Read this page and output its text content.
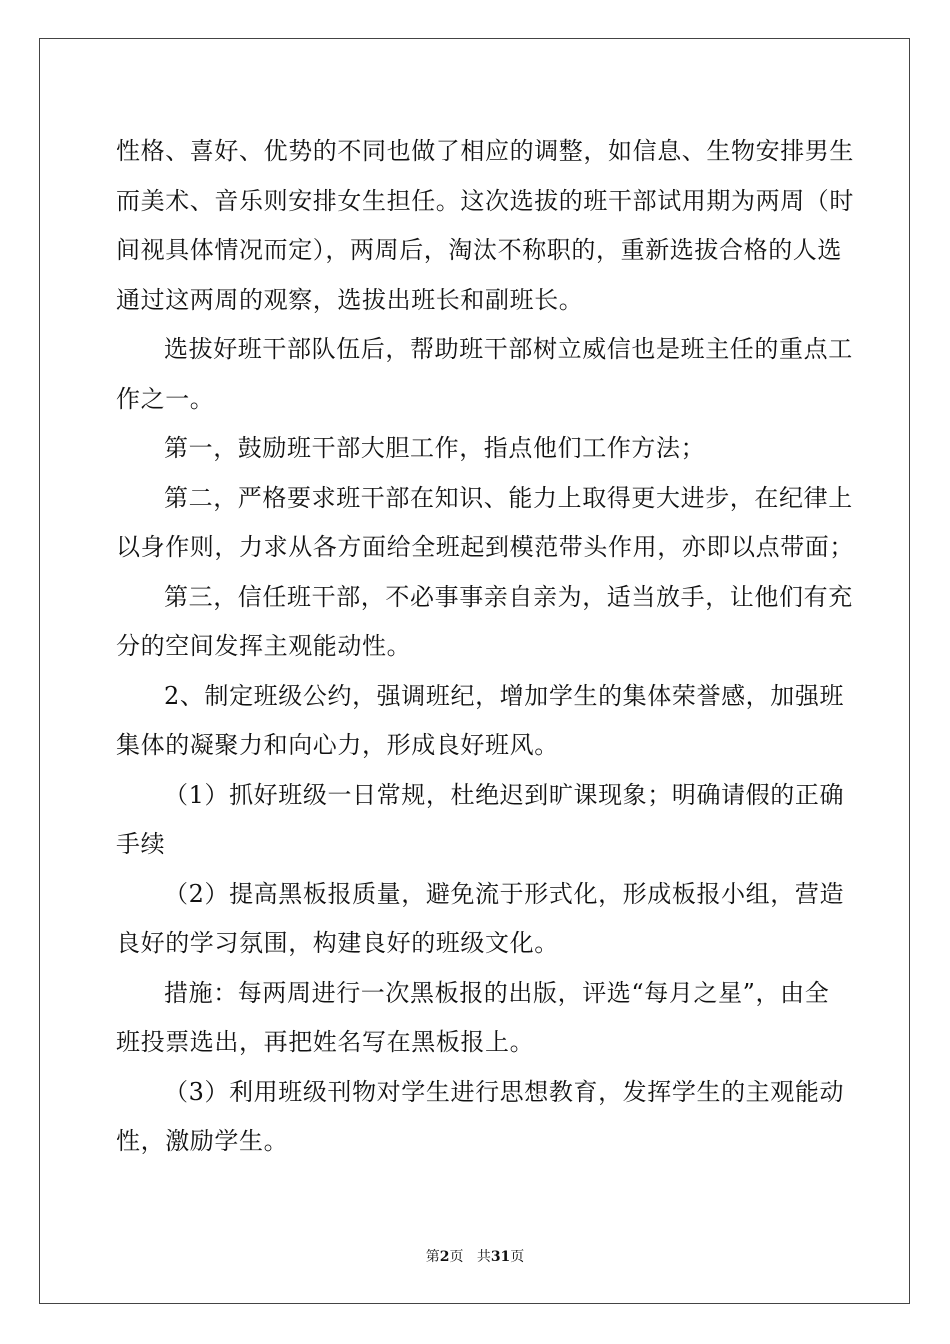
性格、喜好、优势的不同也做了相应的调整，如信息、生物安排男生
而美术、音乐则安排女生担任。这次选拔的班干部试用期为两周（时
间视具体情况而定），两周后，淘汰不称职的，重新选拔合格的人选
通过这两周的观察，选拔出班长和副班长。
选拔好班干部队伍后，帮助班干部树立威信也是班主任的重点工
作之一。
第一，鼓励班干部大胆工作，指点他们工作方法；
第二，严格要求班干部在知识、能力上取得更大进步，在纪律上
以身作则，力求从各方面给全班起到模范带头作用，亦即以点带面；
第三，信任班干部，不必事事亲自亲为，适当放手，让他们有充
分的空间发挥主观能动性。
2、制定班级公约，强调班纪，增加学生的集体荣誉感，加强班
集体的凝聚力和向心力，形成良好班风。
（1）抓好班级一日常规，杜绝迟到旷课现象；明确请假的正确
手续
（2）提高黑板报质量，避免流于形式化，形成板报小组，营造
良好的学习氛围，构建良好的班级文化。
措施：每两周进行一次黑板报的出版，评选“每月之星”，由全
班投票选出，再把姓名写在黑板报上。
（3）利用班级刊物对学生进行思想教育，发挥学生的主观能动
性，激励学生。
第2页 共31页
